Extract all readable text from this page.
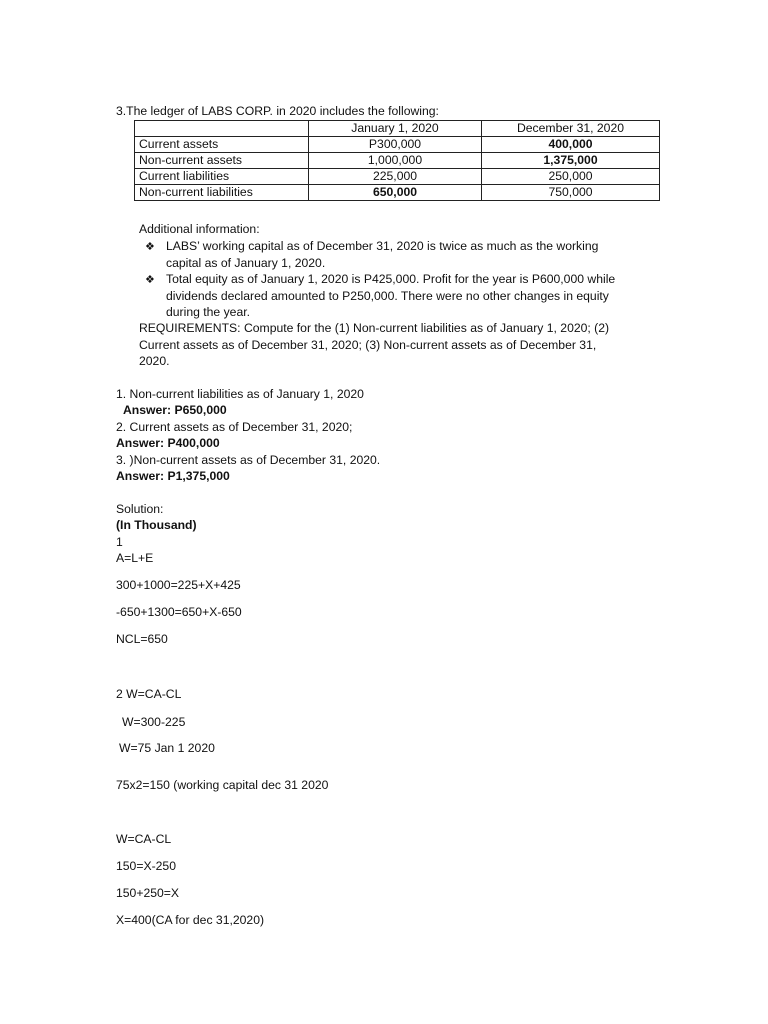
3.The ledger of LABS CORP. in 2020 includes the following:
	January 1, 2020	December 31, 2020
Current assets	P300,000	400,000
Non-current assets	1,000,000	1,375,000
Current liabilities	225,000	250,000
Non-current liabilities	650,000	750,000
Additional information:
❖ LABS’ working capital as of December 31, 2020 is twice as much as the working
capital as of January 1, 2020.
❖ Total equity as of January 1, 2020 is P425,000. Profit for the year is P600,000 while
dividends declared amounted to P250,000. There were no other changes in equity
during the year.
REQUIREMENTS: Compute for the (1) Non-current liabilities as of January 1, 2020; (2)
Current assets as of December 31, 2020; (3) Non-current assets as of December 31,
2020.
1. Non-current liabilities as of January 1, 2020
Answer: P650,000
2. Current assets as of December 31, 2020;
Answer: P400,000
3. )Non-current assets as of December 31, 2020.
Answer: P1,375,000
Solution:
(In Thousand)
1
A=L+E
300+1000=225+X+425
-650+1300=650+X-650
NCL=650
2 W=CA-CL
W=300-225
W=75 Jan 1 2020
75x2=150 (working capital dec 31 2020
W=CA-CL
150=X-250
150+250=X
X=400(CA for dec 31,2020)
